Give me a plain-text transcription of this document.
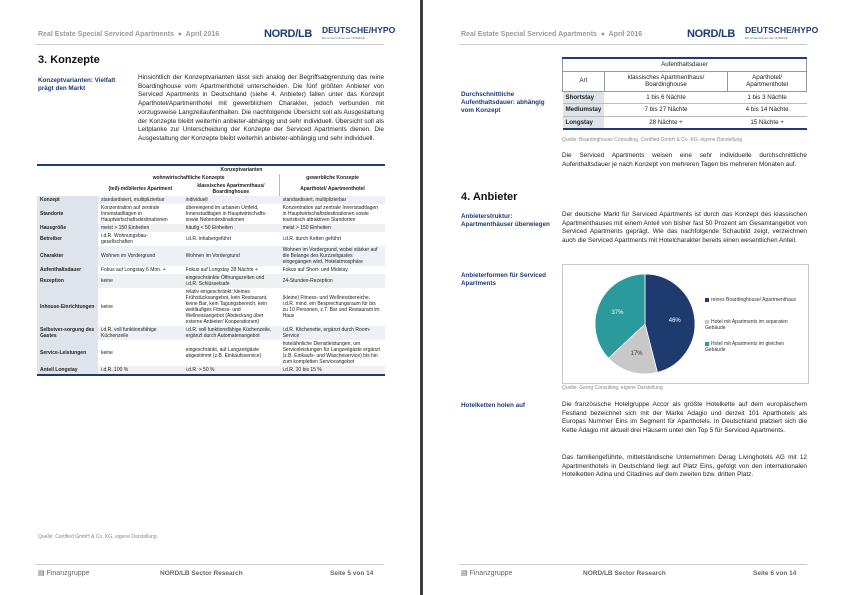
Real Estate Special Serviced Apartments  ●  April 2016	NORD/LB DEUTSCHE/HYPO
Ein Unternehmen der NORD/LB
3. Konzepte
Konzeptvarianten: Vielfalt prägt den Markt
Hinsichtlich der Konzeptvarianten lässt sich analog der Begriffsabgrenzung das reine Boardinghouse vom Apartmenthotel unterscheiden. Die fünf größten Anbieter von Serviced Apartments in Deutschland (siehe 4. Anbieter) fallen unter das Konzept Aparthotel/Apartmenthotel mit gewerblichem Charakter, jedoch verbunden mit vorzugsweise Langzeitaufenthalten. Die nachfolgende Übersicht soll als Ausgestaltung der Konzepte bleibt weiterhin anbieter-abhängig und sehr individuell. Übersicht soll als Leitplanke zur Unterscheidung der Konzepte der Serviced Apartments dienen. Die Ausgestaltung der Konzepte bleibt weiterhin anbieter-abhängig und sehr individuell.
	Konzeptvarianten		
	wohnwirtschaftliche Konzepte		gewerbliche Konzepte
	(teil)-möbliertes Apartment	klassisches Apartmenthaus/ Boardinghouse	Aparthotel/ Apartmenthotel
Konzept	standardisiert, multiplizierbar	individuell	standardisiert, multiplizierbar
Standorte	Konzentration auf zentrale Innenstadtlagen in Hauptwirtschaftsdestinationen	übereiegend im urbanen Umfeld, Innenstadtlagen in Hauptwirtschafts- sowie Nebendestinationen	Konzentration auf zentrale Innenstadtlagen in Hauptwirtschaftsdestinationen sowie touristisch attraktiven Standorten
Hausgröße	meist > 150 Einheiten	häufig < 50 Einheiten	meist > 150 Einheiten
Betreiber	i.d.R. Wohnungsbau-gesellschaften	i.d.R. inhabergeführt	i.d.R. durch Ketten geführt
Charakter	Wohnen im Vordergrund	Wohnen im Vordergrund	Wohnen im Vordergrund, wobei stärker auf die Belange des Kurzzeitgastes eingegangen wird, Hotelatmosphäre
Aufenthaltsdauer	Fokus auf Longstay 6 Mon. +	Fokus auf Longstay 28 Nächte +	Fokus auf Short- und Midstay
Rezeption	keine	eingeschränkte Öffnungszeiten und i.d.R. Schlüsselsafe	24-Stunden-Rezeption
Inhouse-Einrichtungen	keine	relativ eingeschränkt: kleines Frühstücksangebot, kein Restaurant, keine Bar, kein Tagungsbereich, kein weitläufiges Fitness- und Wellnessangebot (Abdeckung über externe Anbieter/ Kooperationen)	(kleine) Fitness- und Wellnessbereiche, i.d.R. mind. ein Besprechungsraum für bis zu 10 Personen, z.T. Bar und Restaurant im Haus
Selbstver-sorgung des Gastes	i.d.R. voll funktionsfähige Küchenzeile	i.d.R. voll funktionsfähige Küchenzeile, ergänzt durch Automatenangebot	i.d.R. Kitchenette, ergänzt durch Room-Service
Service-Leistungen	keine	eingeschränkt, auf Langzeitgäste abgestimmt (z.B. Einkaufsservice)	hotelähnliche Dienstleistungen, um Serviceleistungen für Langzeitgäste ergänzt (z.B. Einkaufs- und Wäscheservice) bis hin zum kompletten Serviceangebot
Anteil Longstay	i.d.R. 100 %	i.d.R. > 50 %	i.d.R. 10 bis 15 %
Quelle: Certified GmbH & Co. KG, eigene Darstellung
▤ Finanzgruppe	NORD/LB Sector Research	Seite 5 von 14
Real Estate Special Serviced Apartments  ●  April 2016	NORD/LB DEUTSCHE/HYPO
Ein Unternehmen der NORD/LB
▤ Finanzgruppe	NORD/LB Sector Research	Seite 6 von 14
Durchschnittliche Aufenthaltsdauer: abhängig vom Konzept
Aufenthaltsdauer		
Art	klassisches Apartmenthaus/ Boardinghouse	Aparthotel/ Apartmenthotel
Shortstay	1 bis 6 Nächte	1 bis 3 Nächte
Mediumstay	7 bis 27 Nächte	4 bis 14 Nächte
Longstay	28 Nächte +	15 Nächte +
Quelle: Boardinghouse Consulting, Certified GmbH & Co. KG, eigene Darstellung
Die Serviced Apartments weisen eine sehr individuelle durchschnittliche Aufenthaltsdauer je nach Konzept von mehreren Tagen bis mehreren Monaten auf.
4. Anbieter
Anbieterstruktur: Apartmenthäuser überwiegen
Der deutsche Markt für Serviced Apartments ist durch das Konzept des klassischen Apartmenthauses mit einem Anteil von bisher fast 50 Prozent am Gesamtangebot von Serviced Apartments geprägt. Wie das nachfolgende Schaubild zeigt, verzeichnen auch die Serviced Apartments mit Hotelcharakter bereits einen wesentlichen Anteil.
Anbieterformen für Serviced Apartments
46%
17%
37%
reines Boardinghouse/ Apartmenthaus
Hotel mit Apartments im separaten Gebäude
Hotel mit Apartments im gleichen Gebäude
Quelle: Georg Consulting, eigene Darstellung
Hotelketten holen auf	Die französische Hotelgruppe Accor als größte Hotelkette auf dem europäischem Festland bezeichnet sich mit der Marke Adagio und derzeit 101 Aparthotels als Europas Nummer Eins im Segment für Aparthotels. In Deutschland platziert sich die Kette Adagio mit aktuell drei Häusern unter den Top 5 für Serviced Apartments.
Das familiengeführte, mittelständische Unternehmen Derag Livinghotels AG mit 12 Apartmenthotels in Deutschland liegt auf Platz Eins, gefolgt von den internationalen Hotelketten Adina und Citadines auf dem zweiten bzw. dritten Platz.
